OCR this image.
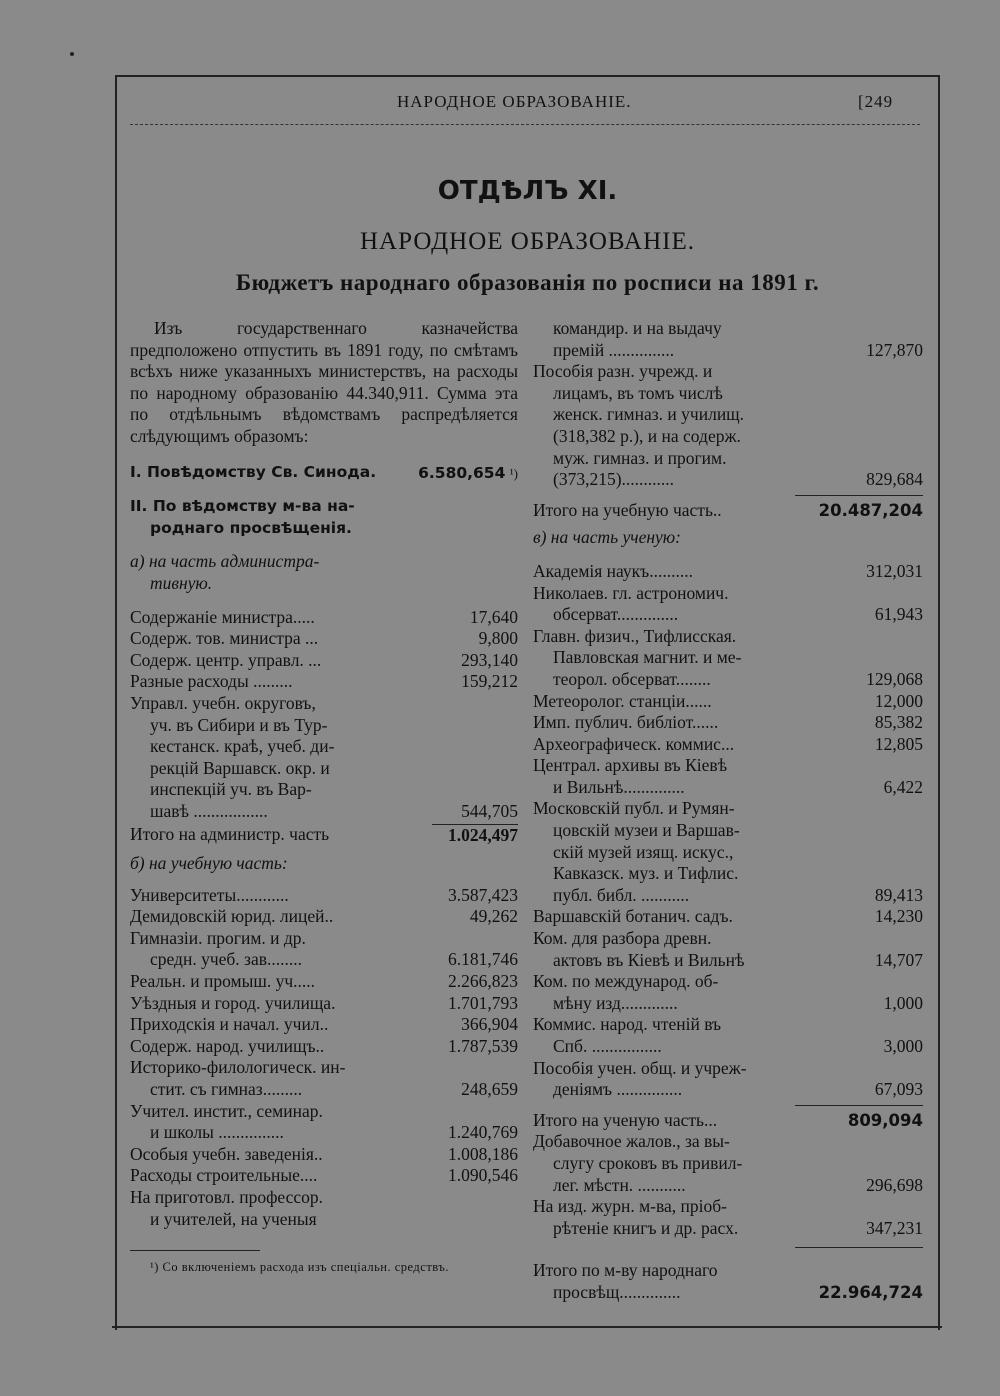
НАРОДНОЕ ОБРАЗОВАНІЕ.	[249
ОТДѢЛЪ XI.
НАРОДНОЕ ОБРАЗОВАНІЕ.
Бюджетъ народнаго образованія по росписи на 1891 г.
Изъ государственнаго казначейства предположено отпустить въ 1891 году, по смѣтамъ всѣхъ ниже указанныхъ министерствъ, на расходы по народному образованію 44.340,911. Сумма эта по отдѣльнымъ вѣдомствамъ распредѣляется слѣдующимъ образомъ:
I. Повѣдомству Св. Синода.	6.580,654 ¹)
II. По вѣдомству м-ва на-
роднаго просвѣщенія.
а) на часть администра-
тивную.
Содержаніе министра.....	17,640
Содерж. тов. министра ...	9,800
Содерж. центр. управл. ...	293,140
Разные расходы .........	159,212
Управл. учебн. округовъ,
уч. въ Сибири и въ Тур-
кестанск. краѣ, учеб. ди-
рекцій Варшавск. окр. и
инспекцій уч. въ Вар-
шавѣ .................	544,705
Итого на администр. часть	1.024,497
б) на учебную часть:
Университеты............	3.587,423
Демидовскій юрид. лицей..	49,262
Гимназіи. прогим. и др.
средн. учеб. зав........	6.181,746
Реальн. и промыш. уч.....	2.266,823
Уѣздныя и город. училища.	1.701,793
Приходскія и начал. учил..	366,904
Содерж. народ. училищъ..	1.787,539
Историко-филологическ. ин-
стит. съ гимназ.........	248,659
Учител. инстит., семинар.
и школы ...............	1.240,769
Особыя учебн. заведенія..	1.008,186
Расходы строительные....	1.090,546
На приготовл. профессор.
и учителей, на ученыя
¹) Со включеніемъ расхода изъ спеціальн. средствъ.
командир. и на выдачу
премій ...............	127,870
Пособія разн. учрежд. и
лицамъ, въ томъ числѣ
женск. гимназ. и училищ.
(318,382 р.), и на содерж.
муж. гимназ. и прогим.
(373,215)............	829,684
Итого на учебную часть..	20.487,204
в) на часть ученую:
Академія наукъ..........	312,031
Николаев. гл. астрономич.
обсерват..............	61,943
Главн. физич., Тифлисская.
Павловская магнит. и ме-
теорол. обсерват........	129,068
Метеоролог. станціи......	12,000
Имп. публич. библіот......	85,382
Археографическ. коммис...	12,805
Централ. архивы въ Кіевѣ
и Вильнѣ..............	6,422
Московскій публ. и Румян-
цовскій музеи и Варшав-
скій музей изящ. искус.,
Кавказск. муз. и Тифлис.
публ. библ. ...........	89,413
Варшавскій ботанич. садъ.	14,230
Ком. для разбора древн.
актовъ въ Кіевѣ и Вильнѣ	14,707
Ком. по международ. об-
мѣну изд.............	1,000
Коммис. народ. чтеній въ
Спб. ................	3,000
Пособія учен. общ. и учреж-
деніямъ ...............	67,093
Итого на ученую часть...	809,094
Добавочное жалов., за вы-
слугу сроковъ въ привил-
лег. мѣстн. ...........	296,698
На изд. журн. м-ва, пріоб-
рѣтеніе книгъ и др. расх.	347,231
Итого по м-ву народнаго
просвѣщ..............	22.964,724
